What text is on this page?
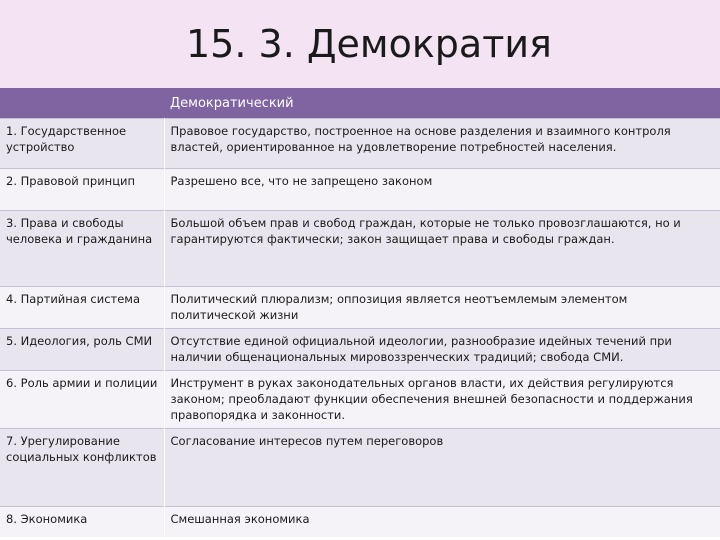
15. 3. Демократия
	Демократический
1. Государственное устройство	Правовое государство, построенное на основе разделения и взаимного контроля властей, ориентированное на удовлетворение потребностей населения.
2. Правовой принцип	Разрешено все, что не запрещено законом
3. Права и свободы человека и гражданина	Большой объем прав и свобод граждан, которые не только провозглашаются, но и гарантируются фактически; закон защищает права и свободы граждан.
4. Партийная система	Политический плюрализм; оппозиция является неотъемлемым элементом политической жизни
5. Идеология, роль СМИ	Отсутствие единой официальной идеологии, разнообразие идейных течений при наличии общенациональных мировоззренческих традиций; свобода СМИ.
6. Роль армии и полиции	Инструмент в руках законодательных органов власти, их действия регулируются законом; преобладают функции обеспечения внешней безопасности и поддержания правопорядка и законности.
7. Урегулирование социальных конфликтов	Согласование интересов путем переговоров
8. Экономика	Смешанная экономика
